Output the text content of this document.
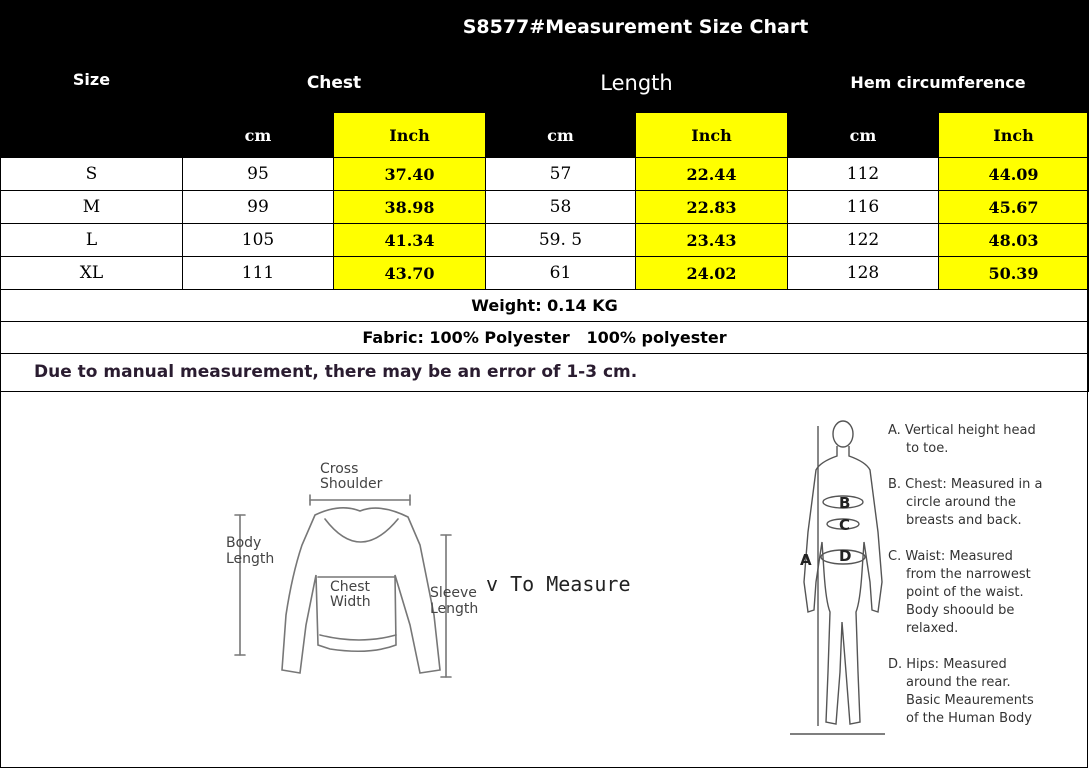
Size	S8577#Measurement Size Chart					
	Chest		Length		Hem circumference	
	cm	Inch	cm	Inch	cm	Inch
S	95	37.40	57	22.44	112	44.09
M	99	38.98	58	22.83	116	45.67
L	105	41.34	59. 5	23.43	122	48.03
XL	111	43.70	61	24.02	128	50.39
Weight: 0.14 KG						
Fabric: 100% Polyester 100% polyester						

Due to manual measurement, there may be an error of 1-3 cm.
Cross
Shoulder
Body
Length
Chest
Width
Sleeve
Length
v To Measure
A
B
C
D

A. Vertical height head

to toe.

B. Chest: Measured in a

circle around the
breasts and back.

C. Waist: Measured

from the narrowest
point of the waist.
Body shoould be
relaxed.

D. Hips: Measured

around the rear.
Basic Meaurements
of the Human Body
